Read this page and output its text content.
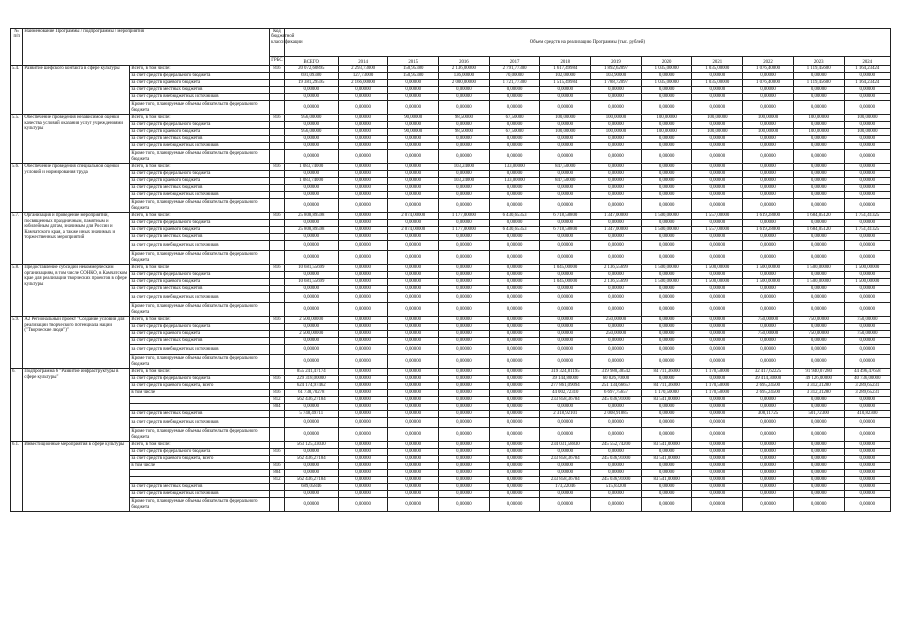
№ п/п	Наименование Программы / подпрограммы / мероприятия		Код бюджетной классификации	Объем средств на реализацию Программы (тыс. рублей)											
			ГРБС	ВСЕГО	2014	2015	2016	2017	2018	2019	2020	2021	2022	2023	2024
5.4.	Развитие шефского контакта в сфере культуры	Всего, в том числе:	816	20 072,60895	2 293,73000	150,95380	2 136,00000	2 791,77300	1 617,49984	1 892,62097	1 035,00000	1 035,00000	1 076,40000	1 119,45600	1 164,23424
		за счет средств федерального бюджета		691,09380	127,73000	150,95380	136,00000	70,00000	102,00000	103,90000	0,00000	0,00000	0,00000	0,00000	0,00000
		за счет средств краевого бюджета		19 381,29595	2 166,00000	0,00000	2 000,00000	1 721,77300	1 515,49984	1 788,72097	1 035,00000	1 035,00000	1 076,40000	1 119,45600	1 164,23424
		за счет средств местных бюджетов		0,00000	0,00000	0,00000	0,00000	0,00000	0,00000	0,00000	0,00000	0,00000	0,00000	0,00000	0,00000
		за счет средств внебюджетных источников		0,00000	0,00000	0,00000	0,00000	0,00000	0,00000	0,00000	0,00000	0,00000	0,00000	0,00000	0,00000
		Кроме того, планируемые объемы обязательств федерального бюджета		0,00000	0,00000	0,00000	0,00000	0,00000	0,00000	0,00000	0,00000	0,00000	0,00000	0,00000	0,00000
5.5.	Обеспечение проведения независимой оценки качества условий оказания услуг учреждениями культуры	Всего, в том числе:	816	956,00000	0,00000	90,00000	98,50000	67,50000	100,00000	100,00000	100,00000	100,00000	100,00000	100,00000	100,00000
		за счет средств федерального бюджета		0,00000	0,00000	0,00000	0,00000	0,00000	0,00000	0,00000	0,00000	0,00000	0,00000	0,00000	0,00000
		за счет средств краевого бюджета		956,00000	0,00000	90,00000	98,50000	67,50000	100,00000	100,00000	100,00000	100,00000	100,00000	100,00000	100,00000
		за счет средств местных бюджетов		0,00000	0,00000	0,00000	0,00000	0,00000	0,00000	0,00000	0,00000	0,00000	0,00000	0,00000	0,00000
		за счет средств внебюджетных источников		0,00000	0,00000	0,00000	0,00000	0,00000	0,00000	0,00000	0,00000	0,00000	0,00000	0,00000	0,00000
		Кроме того, планируемые объемы обязательств федерального бюджета		0,00000	0,00000	0,00000	0,00000	0,00000	0,00000	0,00000	0,00000	0,00000	0,00000	0,00000	0,00000
5.6.	Обеспечение проведения специальной оценки условий и нормирования труда	Всего, в том числе:	816	1 083,74000	0,00000	0,00000	103,24000	133,00000	847,50000	0,00000	0,00000	0,00000	0,00000	0,00000	0,00000
		за счет средств федерального бюджета		0,00000	0,00000	0,00000	0,00000	0,00000	0,00000	0,00000	0,00000	0,00000	0,00000	0,00000	0,00000
		за счет средств краевого бюджета		1 083,74000	0,00000	0,00000	103,24000	133,00000	847,50000	0,00000	0,00000	0,00000	0,00000	0,00000	0,00000
		за счет средств местных бюджетов		0,00000	0,00000	0,00000	0,00000	0,00000	0,00000	0,00000	0,00000	0,00000	0,00000	0,00000	0,00000
		за счет средств внебюджетных источников		0,00000	0,00000	0,00000	0,00000	0,00000	0,00000	0,00000	0,00000	0,00000	0,00000	0,00000	0,00000
		Кроме того, планируемые объемы обязательств федерального бюджета		0,00000	0,00000	0,00000	0,00000	0,00000	0,00000	0,00000	0,00000	0,00000	0,00000	0,00000	0,00000
5.7.	Организация и проведение мероприятий, посвященных праздничным, памятным и юбилейным датам, значимым для России и Камчатского края, а также иных значимых и торжественных мероприятий	Всего, в том числе:	816	25 808,89598	0,00000	2 074,00000	1 177,00000	6 430,65353	6 718,58800	1 347,00000	1 500,00000	1 557,00000	1 619,28000	1 684,05120	1 751,41325
		за счет средств федерального бюджета		0,00000	0,00000	0,00000	0,00000	0,00000	0,00000	0,00000	0,00000	0,00000	0,00000	0,00000	0,00000
		за счет средств краевого бюджета		25 808,89598	0,00000	2 074,00000	1 177,00000	6 430,65353	6 718,58800	1 347,00000	1 500,00000	1 557,00000	1 619,28000	1 684,05120	1 751,41325
		за счет средств местных бюджетов		0,00000	0,00000	0,00000	0,00000	0,00000	0,00000	0,00000	0,00000	0,00000	0,00000	0,00000	0,00000
		за счет средств внебюджетных источников		0,00000	0,00000	0,00000	0,00000	0,00000	0,00000	0,00000	0,00000	0,00000	0,00000	0,00000	0,00000
		Кроме того, планируемые объемы обязательств федерального бюджета		0,00000	0,00000	0,00000	0,00000	0,00000	0,00000	0,00000	0,00000	0,00000	0,00000	0,00000	0,00000
5.8.	Предоставление субсидий некоммерческим организациям, в том числе СОНКО, в Камчатском крае для реализации творческих проектов в сфере культуры	Всего, в том числе	816	10 681,55699	0,00000	0,00000	0,00000	0,00000	1 045,00000	2 136,55699	1 500,00000	1 500,00000	1 500,00000	1 500,00000	1 500,00000
		за счет средств федерального бюджета		0,00000	0,00000	0,00000	0,00000	0,00000	0,00000	0,00000	0,00000	0,00000	0,00000	0,00000	0,00000
		за счет средств краевого бюджета		10 681,55699	0,00000	0,00000	0,00000	0,00000	1 045,00000	2 136,55699	1 500,00000	1 500,00000	1 500,00000	1 500,00000	1 500,00000
		за счет средств местных бюджетов		0,00000	0,00000	0,00000	0,00000	0,00000	0,00000	0,00000	0,00000	0,00000	0,00000	0,00000	0,00000
		за счет средств внебюджетных источников		0,00000	0,00000	0,00000	0,00000	0,00000	0,00000	0,00000	0,00000	0,00000	0,00000	0,00000	0,00000
		Кроме того, планируемые объемы обязательств федерального бюджета		0,00000	0,00000	0,00000	0,00000	0,00000	0,00000	0,00000	0,00000	0,00000	0,00000	0,00000	0,00000
5.9.	А2 Региональный проект "Создание условий для реализации творческого потенциала нации ("Творческие люди")"	Всего, в том числе:	816	2 500,00000	0,00000	0,00000	0,00000	0,00000	0,00000	250,00000	0,00000	0,00000	750,00000	750,00000	750,00000
		за счет средств федерального бюджета		0,00000	0,00000	0,00000	0,00000	0,00000	0,00000	0,00000	0,00000	0,00000	0,00000	0,00000	0,00000
		за счет средств краевого бюджета		2 500,00000	0,00000	0,00000	0,00000	0,00000	0,00000	250,00000	0,00000	0,00000	750,00000	750,00000	750,00000
		за счет средств местных бюджетов		0,00000	0,00000	0,00000	0,00000	0,00000	0,00000	0,00000	0,00000	0,00000	0,00000	0,00000	0,00000
		за счет средств внебюджетных источников		0,00000	0,00000	0,00000	0,00000	0,00000	0,00000	0,00000	0,00000	0,00000	0,00000	0,00000	0,00000
		Кроме того, планируемые объемы обязательств федерального бюджета		0,00000	0,00000	0,00000	0,00000	0,00000	0,00000	0,00000	0,00000	0,00000	0,00000	0,00000	0,00000
6.	Подпрограмма 6 "Развитие инфраструктуры в сфере культуры"	Всего, в том числе:		855 241,47174	0,00000	0,00000	0,00000	0,00000	319 324,81195	319 980,38542	84 711,36000	1 170,50000	32 417,62225	91 940,07280	44 496,47658
		за счет средств федерального бюджета	816	229 318,00000	0,00000	0,00000	0,00000	0,00000	39 144,80000	60 826,70000	0,00000	0,00000	39 414,30000	49 126,00000	40 736,00000
		за счет средств краевого бюджета, всего		624 174,97462	0,00000	0,00000	0,00000	0,00000	277 861,09094	251 134,66657	84 711,36000	1 170,50000	2 695,24500	3 312,31280	3 289,65231
		в том числе	816	61 738,70278	0,00000	0,00000	0,00000	0,00000	44 002,72310	6 697,75657	1 170,50000	1 170,50000	2 695,24500	3 312,31280	3 289,65231
			812	562 436,27184	0,00000	0,00000	0,00000	0,00000	233 858,36784	245 036,91000	83 541,00000	0,00000	0,00000	0,00000	0,00000
			804	0,00000	0,00000	0,00000	0,00000	0,00000	0,00000	0,00000	0,00000	0,00000	0,00000	0,00000	0,00000
		за счет средств местных бюджетов		5 748,49711	0,00000	0,00000	0,00000	0,00000	2 318,92101	2 008,91885	0,00000	0,00000	308,11725	501,72300	410,82300
		за счет средств внебюджетных источников		0,00000	0,00000	0,00000	0,00000	0,00000	0,00000	0,00000	0,00000	0,00000	0,00000	0,00000	0,00000
		Кроме того, планируемые объемы обязательств федерального бюджета		0,00000	0,00000	0,00000	0,00000	0,00000	0,00000	0,00000	0,00000	0,00000	0,00000	0,00000	0,00000
6.1.	Инвестиционные мероприятия в сфере культуры	Всего, в том числе:		563 125,33030	0,00000	0,00000	0,00000	0,00000	234 031,58830	245 552,74200	83 541,00000	0,00000	0,00000	0,00000	0,00000
		за счет средств федерального бюджета	816	0,00000	0,00000	0,00000	0,00000	0,00000	0,00000	0,00000	0,00000	0,00000	0,00000	0,00000	0,00000
		за счет средств краевого бюджета, всего		562 436,27184	0,00000	0,00000	0,00000	0,00000	233 858,36784	245 036,91000	83 541,00000	0,00000	0,00000	0,00000	0,00000
		в том числе	816	0,00000	0,00000	0,00000	0,00000	0,00000	0,00000	0,00000	0,00000	0,00000	0,00000	0,00000	0,00000
			804	0,00000	0,00000	0,00000	0,00000	0,00000	0,00000	0,00000	0,00000	0,00000	0,00000	0,00000	0,00000
			812	562 436,27184	0,00000	0,00000	0,00000	0,00000	233 858,36784	245 036,91000	83 541,00000	0,00000	0,00000	0,00000	0,00000
		за счет средств местных бюджетов		689,05846	0,00000	0,00000	0,00000	0,00000	173,22046	515,83200	0,00000	0,00000	0,00000	0,00000	0,00000
		за счет средств внебюджетных источников		0,00000	0,00000	0,00000	0,00000	0,00000	0,00000	0,00000	0,00000	0,00000	0,00000	0,00000	0,00000
		Кроме того, планируемые объемы обязательств федерального бюджета		0,00000	0,00000	0,00000	0,00000	0,00000	0,00000	0,00000	0,00000	0,00000	0,00000	0,00000	0,00000
